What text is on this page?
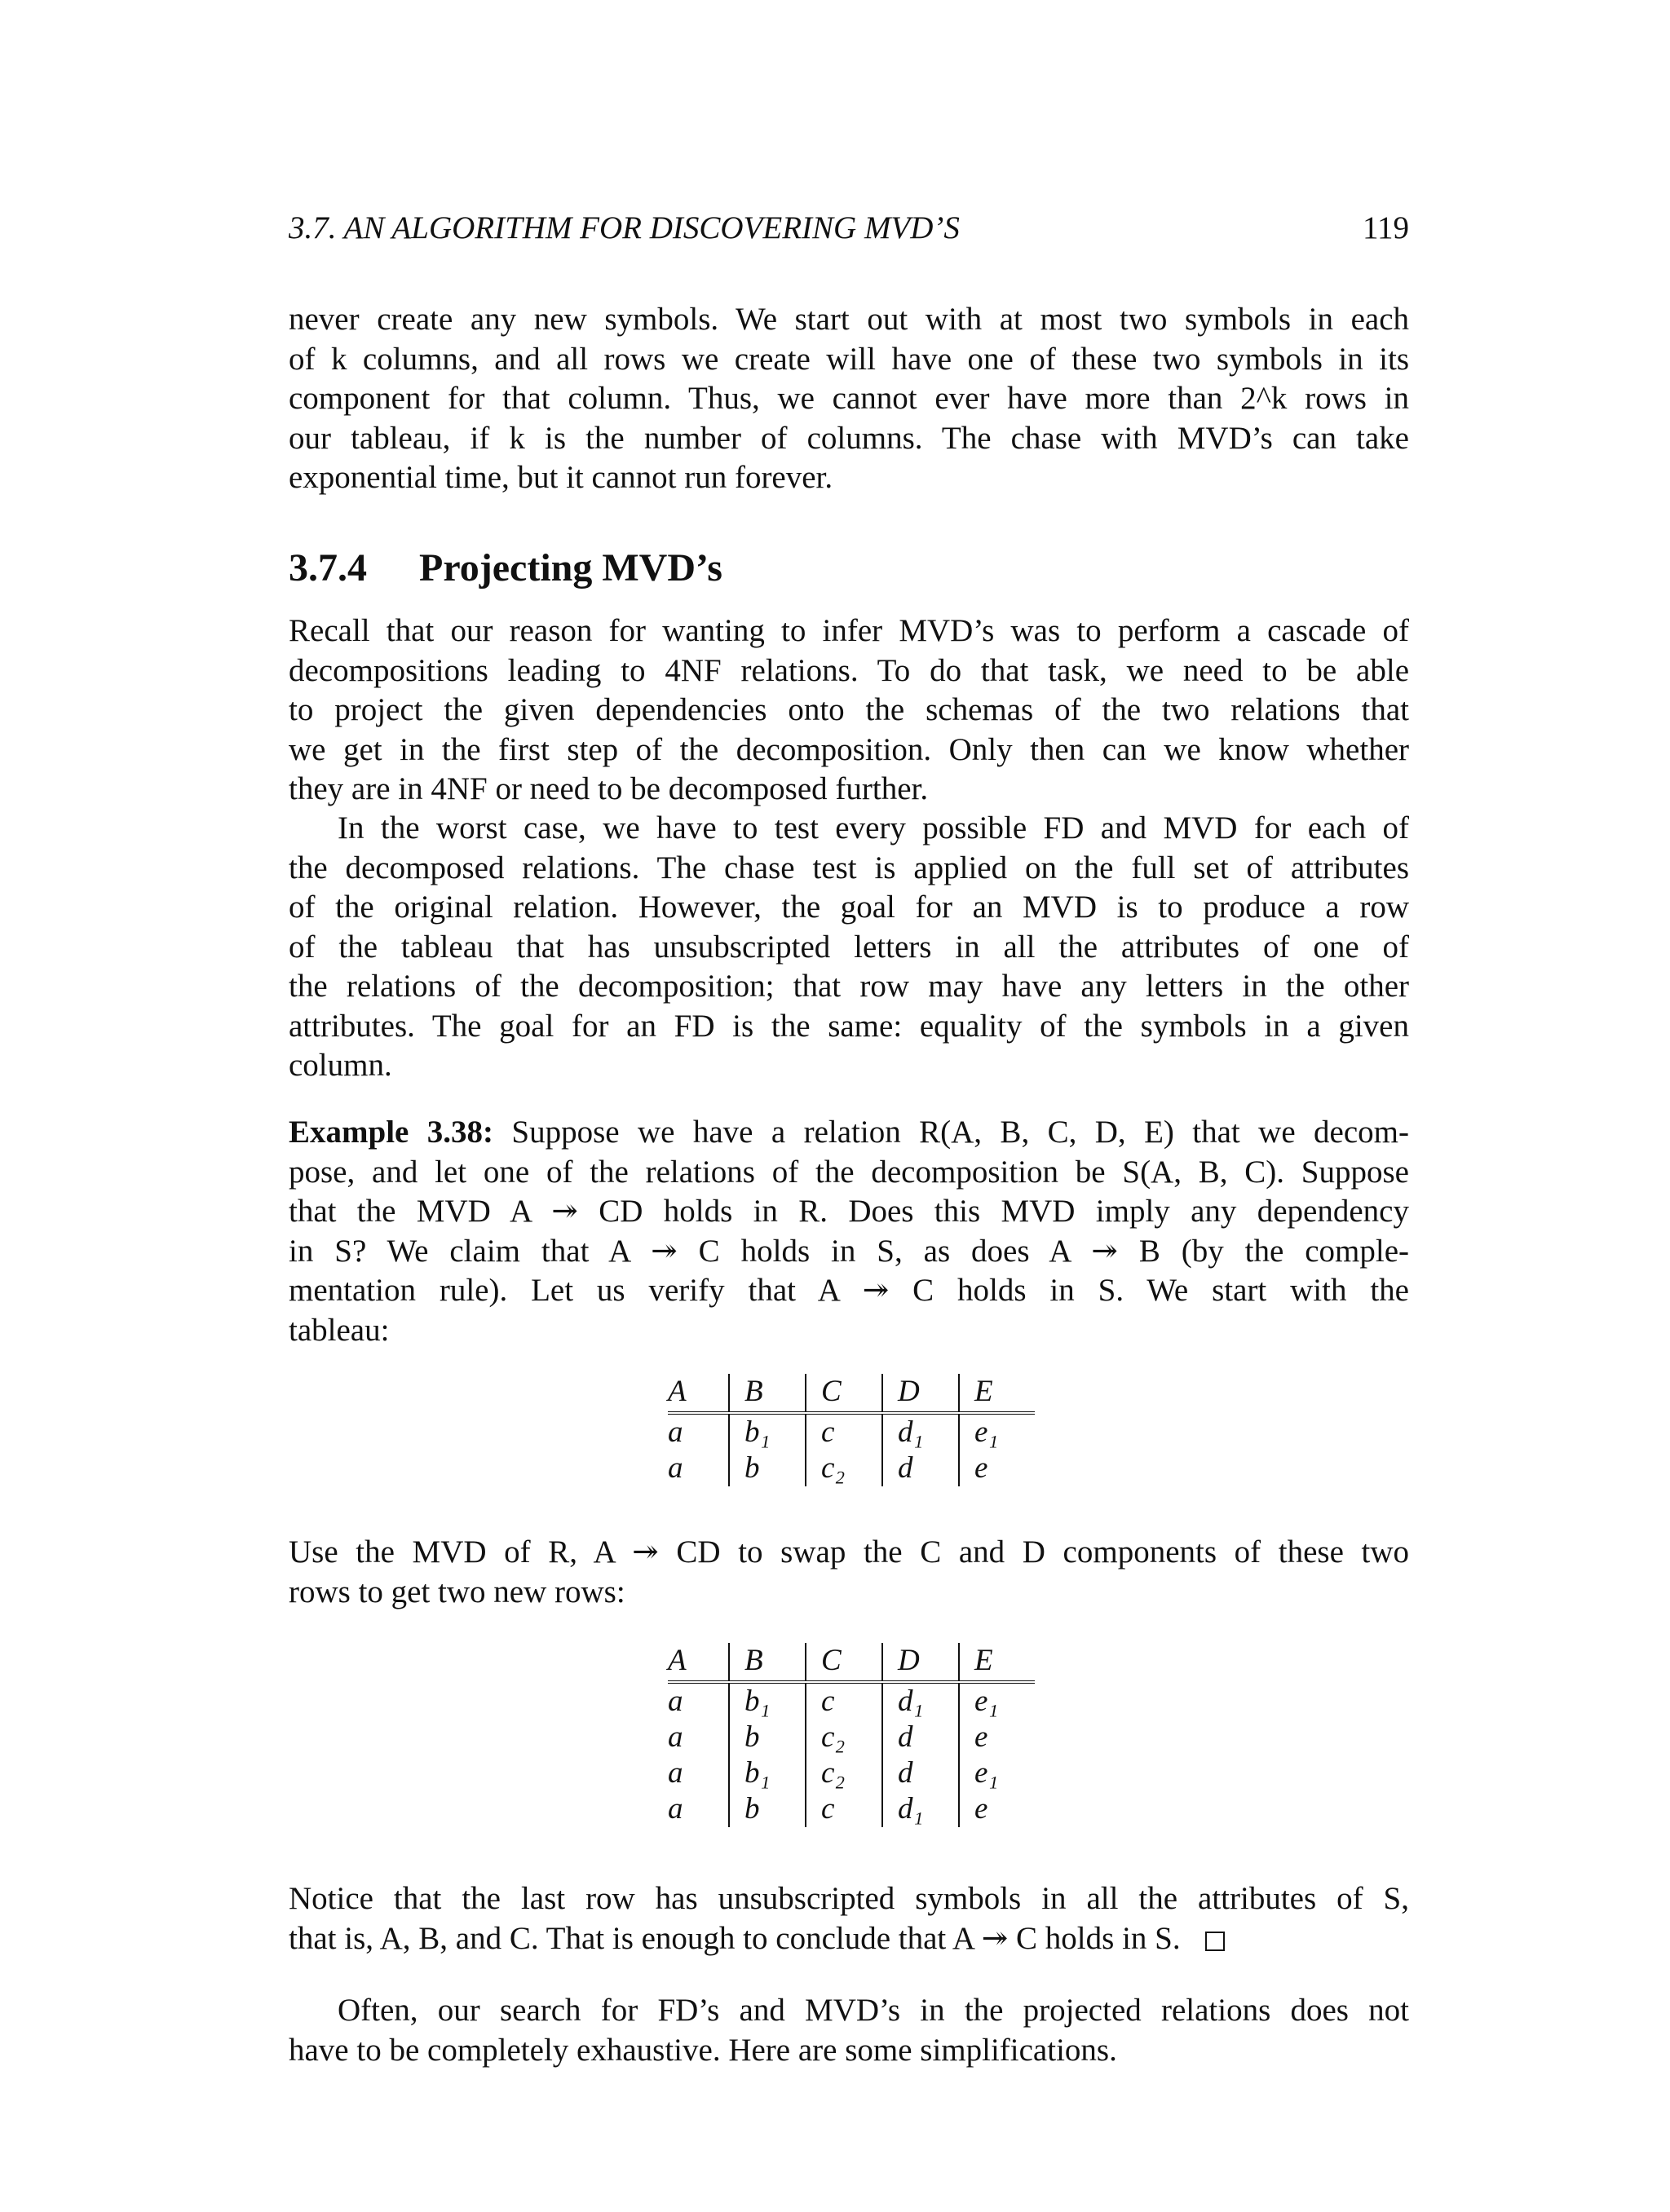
3.7. AN ALGORITHM FOR DISCOVERING MVD’S	119
never create any new symbols. We start out with at most two symbols in each
of k columns, and all rows we create will have one of these two symbols in its
component for that column. Thus, we cannot ever have more than 2^k rows in
our tableau, if k is the number of columns. The chase with MVD’s can take
exponential time, but it cannot run forever.
3.7.4 Projecting MVD’s
Recall that our reason for wanting to infer MVD’s was to perform a cascade of
decompositions leading to 4NF relations. To do that task, we need to be able
to project the given dependencies onto the schemas of the two relations that
we get in the first step of the decomposition. Only then can we know whether
they are in 4NF or need to be decomposed further.
In the worst case, we have to test every possible FD and MVD for each of
the decomposed relations. The chase test is applied on the full set of attributes
of the original relation. However, the goal for an MVD is to produce a row
of the tableau that has unsubscripted letters in all the attributes of one of
the relations of the decomposition; that row may have any letters in the other
attributes. The goal for an FD is the same: equality of the symbols in a given
column.
Example 3.38: Suppose we have a relation R(A, B, C, D, E) that we decom-
pose, and let one of the relations of the decomposition be S(A, B, C). Suppose
that the MVD A ↠ CD holds in R. Does this MVD imply any dependency
in S? We claim that A ↠ C holds in S, as does A ↠ B (by the comple-
mentation rule). Let us verify that A ↠ C holds in S. We start with the
tableau:
A	B	C	D	E
a	b₁	c	d₁	e₁
a	b	c₂	d	e
Use the MVD of R, A ↠ CD to swap the C and D components of these two
rows to get two new rows:
A	B	C	D	E
a	b₁	c	d₁	e₁
a	b	c₂	d	e
a	b₁	c₂	d	e₁
a	b	c	d₁	e
Notice that the last row has unsubscripted symbols in all the attributes of S,
that is, A, B, and C. That is enough to conclude that A ↠ C holds in S.
Often, our search for FD’s and MVD’s in the projected relations does not
have to be completely exhaustive. Here are some simplifications.
